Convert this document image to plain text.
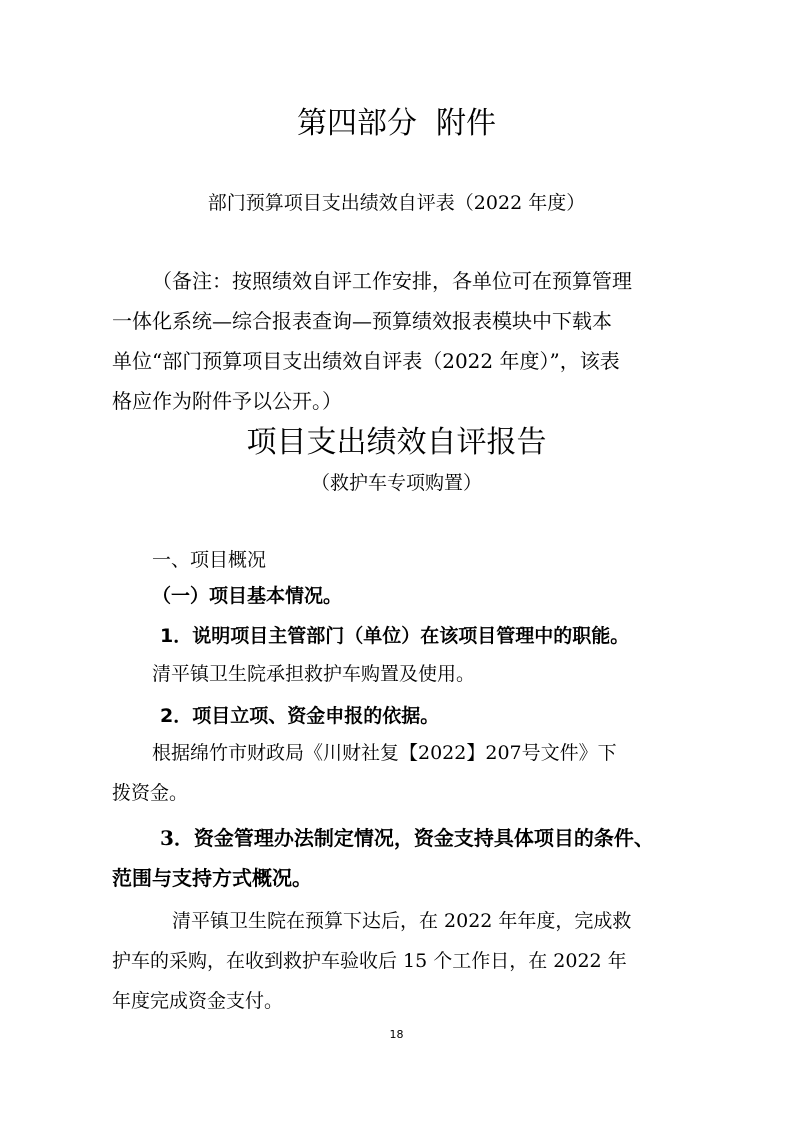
第四部分  附件

部门预算项目支出绩效自评表（2022 年度）

（备注：按照绩效自评工作安排，各单位可在预算管理

一体化系统—综合报表查询—预算绩效报表模块中下载本

单位“部门预算项目支出绩效自评表（2022 年度）”，该表

格应作为附件予以公开。）

项目支出绩效自评报告

（救护车专项购置）

一、项目概况

（一）项目基本情况。

1．说明项目主管部门（单位）在该项目管理中的职能。

清平镇卫生院承担救护车购置及使用。

2．项目立项、资金申报的依据。

根据绵竹市财政局《川财社复【2022】207号文件》下

拨资金。

3．资金管理办法制定情况，资金支持具体项目的条件、

范围与支持方式概况。

清平镇卫生院在预算下达后，在 2022 年年度，完成救

护车的采购，在收到救护车验收后 15 个工作日，在 2022 年

年度完成资金支付。

18
